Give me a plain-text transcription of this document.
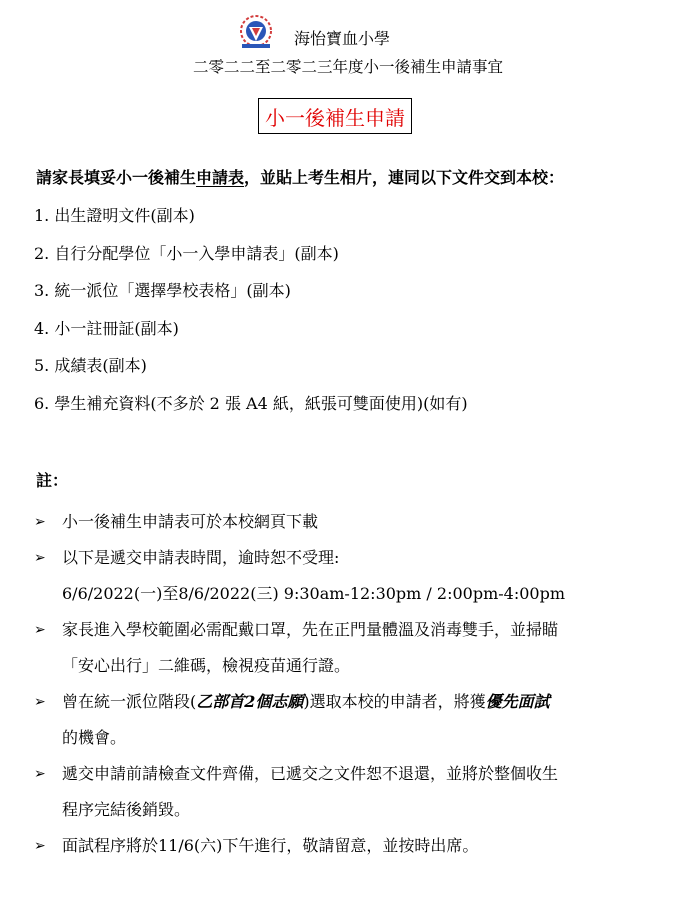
海怡寶血小學
二零二二至二零二三年度小一後補生申請事宜
小一後補生申請
請家長填妥小一後補生申請表，並貼上考生相片，連同以下文件交到本校：
1. 出生證明文件(副本)
2. 自行分配學位「小一入學申請表」(副本)
3. 統一派位「選擇學校表格」(副本)
4. 小一註冊証(副本)
5. 成績表(副本)
6. 學生補充資料(不多於 2 張 A4 紙，紙張可雙面使用)(如有)
註：
➢ 小一後補生申請表可於本校網頁下載
➢ 以下是遞交申請表時間，逾時恕不受理:
6/6/2022(一)至8/6/2022(三) 9:30am-12:30pm / 2:00pm-4:00pm
➢ 家長進入學校範圍必需配戴口罩，先在正門量體溫及消毒雙手，並掃瞄
「安心出行」二維碼，檢視疫苗通行證。
➢ 曾在統一派位階段(乙部首2個志願)選取本校的申請者，將獲優先面試
的機會。
➢ 遞交申請前請檢查文件齊備，已遞交之文件恕不退還，並將於整個收生
程序完結後銷毀。
➢ 面試程序將於11/6(六)下午進行，敬請留意，並按時出席。
